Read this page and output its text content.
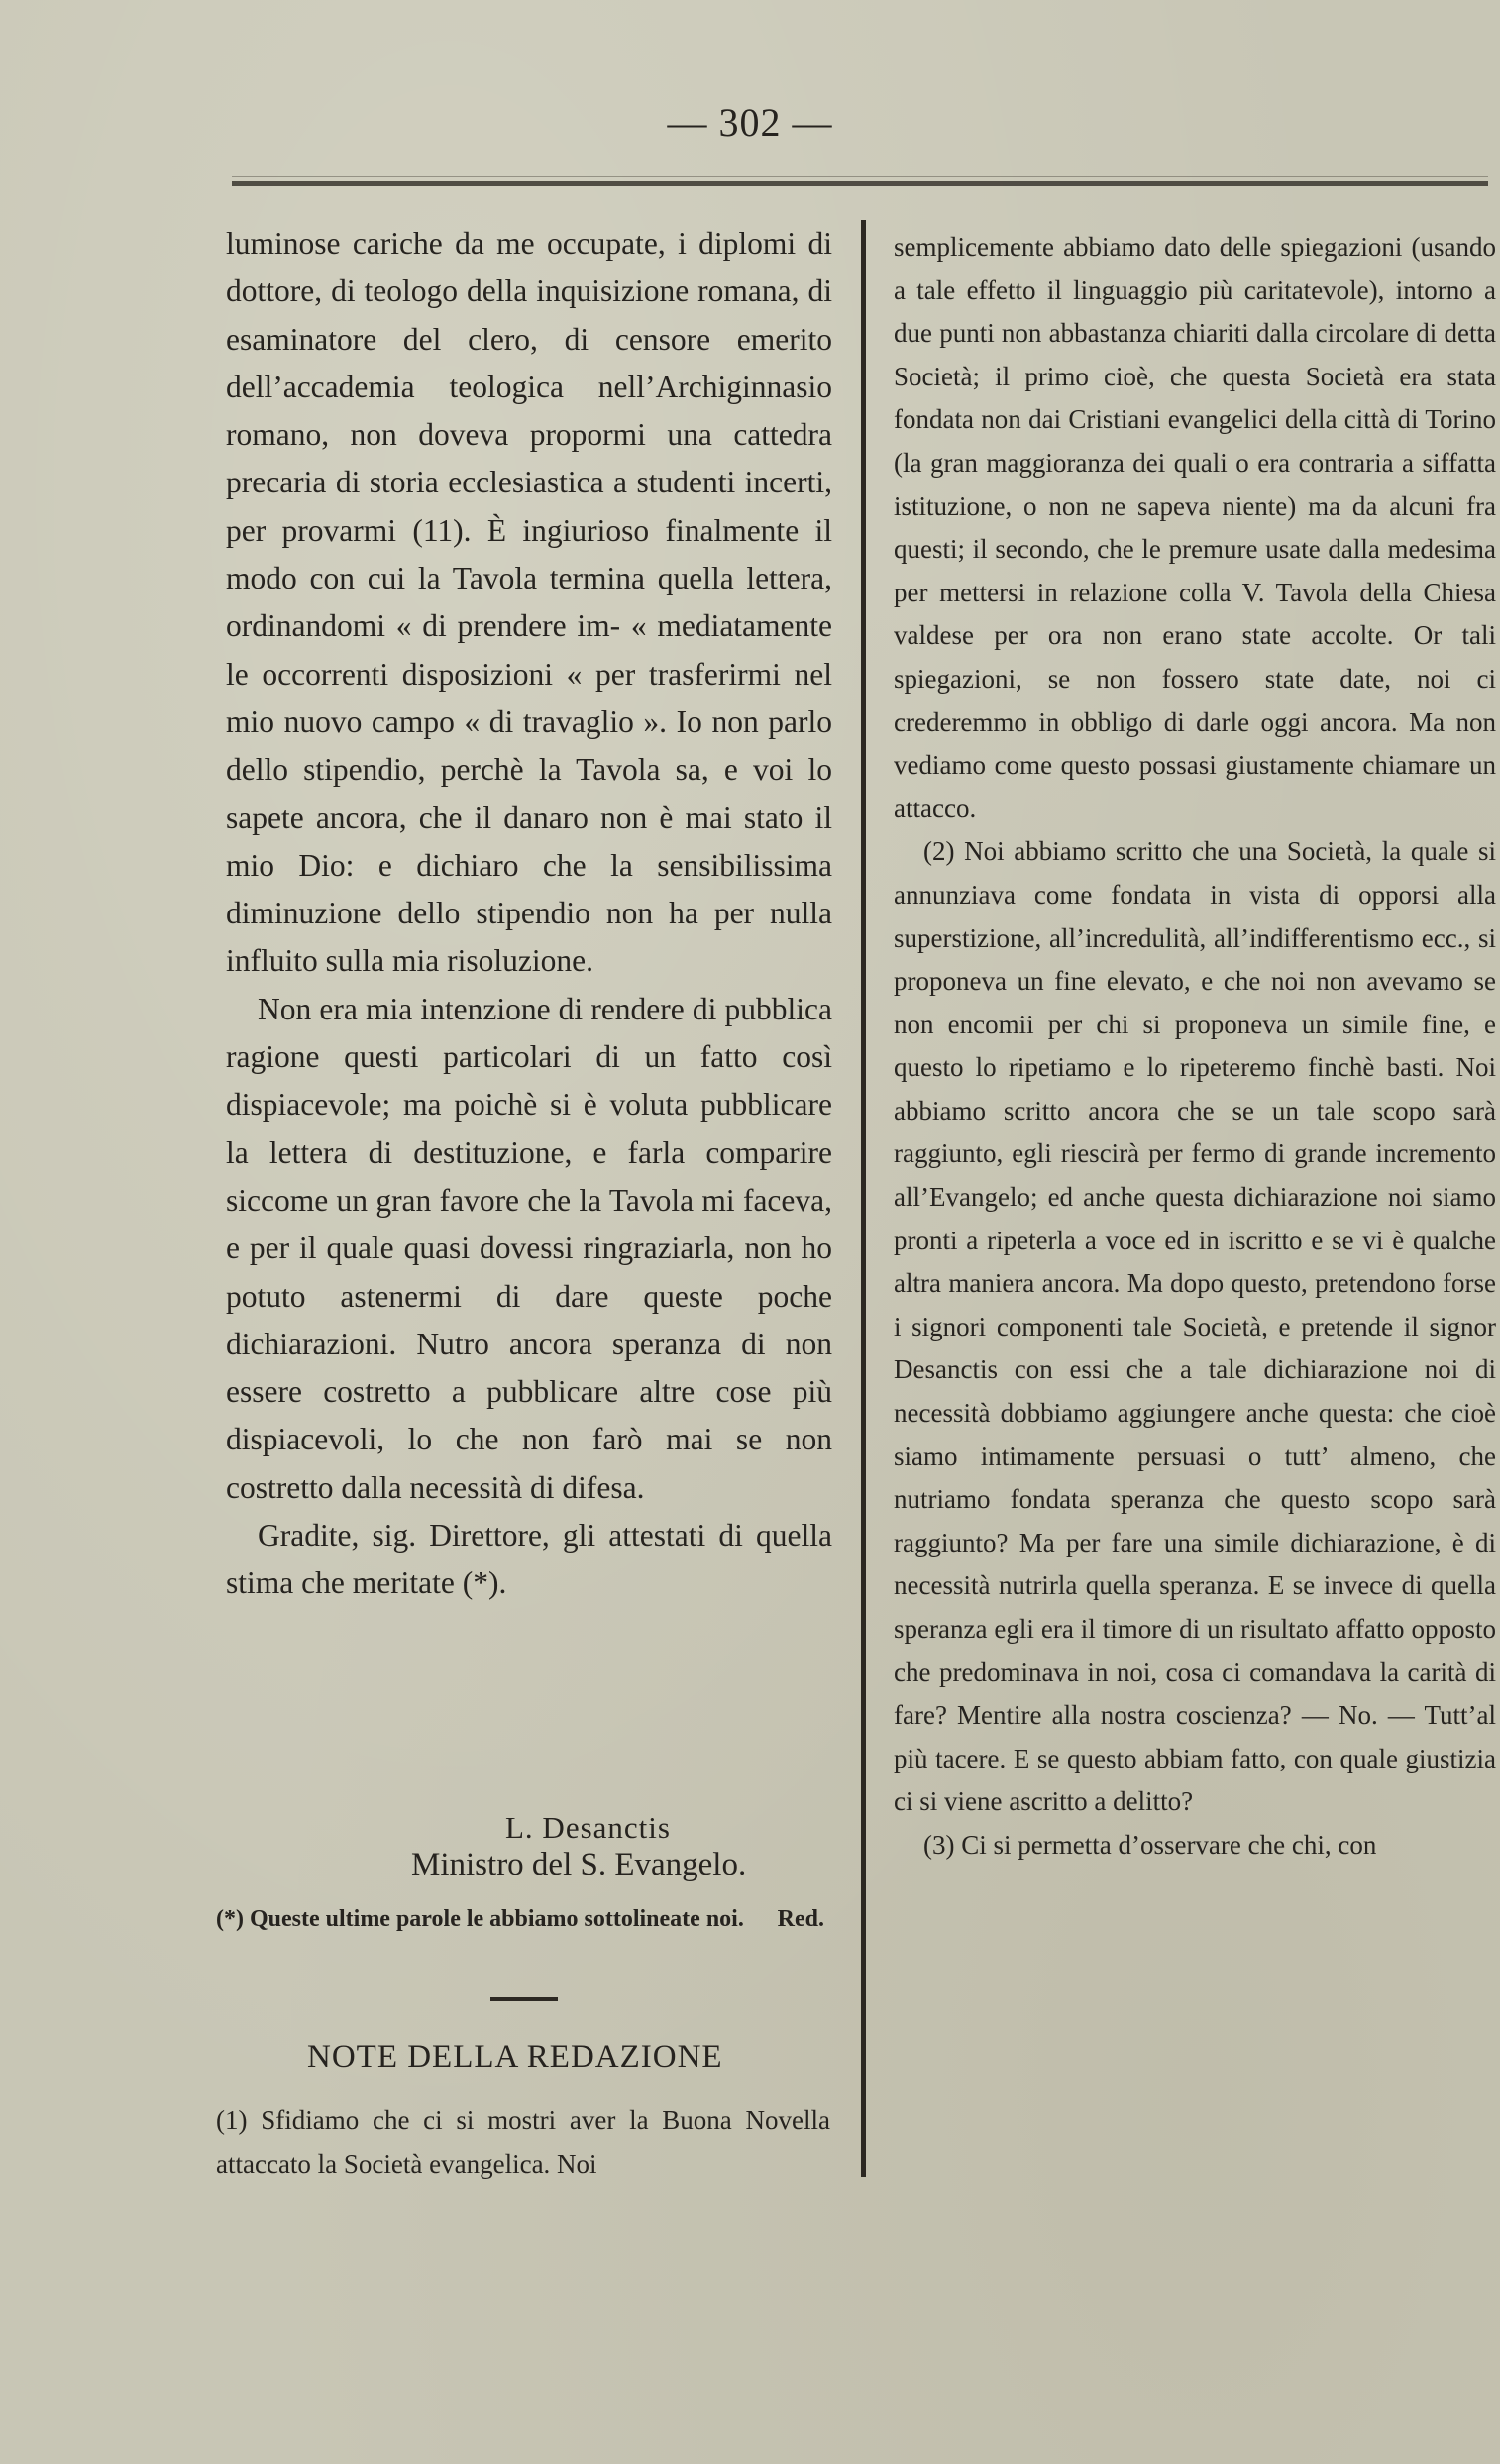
— 302 —

luminose cariche da me occupate, i diplomi di dottore, di teologo della inquisizione romana, di esaminatore del clero, di censore emerito dell’accademia teologica nell’Archiginnasio romano, non doveva propormi una cattedra precaria di storia ecclesiastica a studenti incerti, per provarmi (11). È ingiurioso finalmente il modo con cui la Tavola termina quella lettera, ordinandomi « di prendere im- « mediatamente le occorrenti disposizioni « per trasferirmi nel mio nuovo campo « di travaglio ». Io non parlo dello stipendio, perchè la Tavola sa, e voi lo sapete ancora, che il danaro non è mai stato il mio Dio: e dichiaro che la sensibilissima diminuzione dello stipendio non ha per nulla influito sulla mia risoluzione.

Non era mia intenzione di rendere di pubblica ragione questi particolari di un fatto così dispiacevole; ma poichè si è voluta pubblicare la lettera di destituzione, e farla comparire siccome un gran favore che la Tavola mi faceva, e per il quale quasi dovessi ringraziarla, non ho potuto astenermi di dare queste poche dichiarazioni. Nutro ancora speranza di non essere costretto a pubblicare altre cose più dispiacevoli, lo che non farò mai se non costretto dalla necessità di difesa.

Gradite, sig. Direttore, gli attestati di quella stima che meritate (*).

L. Desanctis
Ministro del S. Evangelo.
(*) Queste ultime parole le abbiamo sottolineate noi. Red.
NOTE DELLA REDAZIONE
(1) Sfidiamo che ci si mostri aver la Buona Novella attaccato la Società evangelica. Noi

semplicemente abbiamo dato delle spiegazioni (usando a tale effetto il linguaggio più caritatevole), intorno a due punti non abbastanza chiariti dalla circolare di detta Società; il primo cioè, che questa Società era stata fondata non dai Cristiani evangelici della città di Torino (la gran maggioranza dei quali o era contraria a siffatta istituzione, o non ne sapeva niente) ma da alcuni fra questi; il secondo, che le premure usate dalla medesima per mettersi in relazione colla V. Tavola della Chiesa valdese per ora non erano state accolte. Or tali spiegazioni, se non fossero state date, noi ci crederemmo in obbligo di darle oggi ancora. Ma non vediamo come questo possasi giustamente chiamare un attacco.

(2) Noi abbiamo scritto che una Società, la quale si annunziava come fondata in vista di opporsi alla superstizione, all’incredulità, all’indifferentismo ecc., si proponeva un fine elevato, e che noi non avevamo se non encomii per chi si proponeva un simile fine, e questo lo ripetiamo e lo ripeteremo finchè basti. Noi abbiamo scritto ancora che se un tale scopo sarà raggiunto, egli riescirà per fermo di grande incremento all’Evangelo; ed anche questa dichiarazione noi siamo pronti a ripeterla a voce ed in iscritto e se vi è qualche altra maniera ancora. Ma dopo questo, pretendono forse i signori componenti tale Società, e pretende il signor Desanctis con essi che a tale dichiarazione noi di necessità dobbiamo aggiungere anche questa: che cioè siamo intimamente persuasi o tutt’ almeno, che nutriamo fondata speranza che questo scopo sarà raggiunto? Ma per fare una simile dichiarazione, è di necessità nutrirla quella speranza. E se invece di quella speranza egli era il timore di un risultato affatto opposto che predominava in noi, cosa ci comandava la carità di fare? Mentire alla nostra coscienza? — No. — Tutt’al più tacere. E se questo abbiam fatto, con quale giustizia ci si viene ascritto a delitto?

(3) Ci si permetta d’osservare che chi, con
